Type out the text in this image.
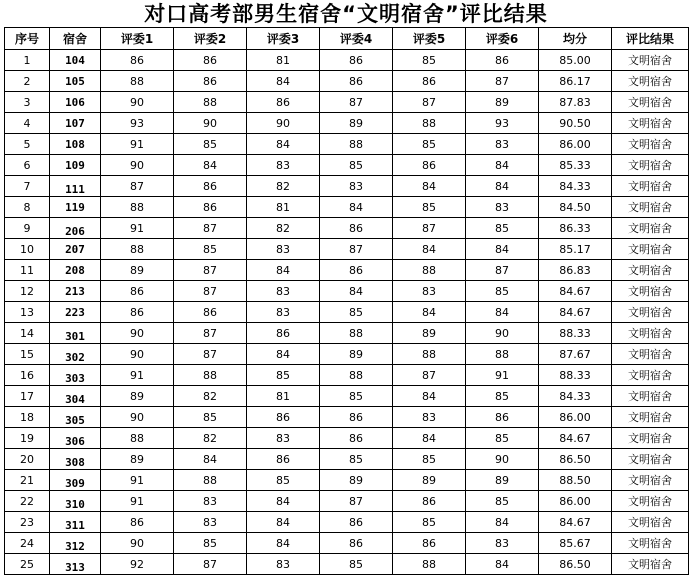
对口高考部男生宿舍“文明宿舍”评比结果
序号	宿舍	评委1	评委2	评委3	评委4	评委5	评委6	均分	评比结果
1	104	86	86	81	86	85	86	85.00	文明宿舍
2	105	88	86	84	86	86	87	86.17	文明宿舍
3	106	90	88	86	87	87	89	87.83	文明宿舍
4	107	93	90	90	89	88	93	90.50	文明宿舍
5	108	91	85	84	88	85	83	86.00	文明宿舍
6	109	90	84	83	85	86	84	85.33	文明宿舍
7	111	87	86	82	83	84	84	84.33	文明宿舍
8	119	88	86	81	84	85	83	84.50	文明宿舍
9	206	91	87	82	86	87	85	86.33	文明宿舍
10	207	88	85	83	87	84	84	85.17	文明宿舍
11	208	89	87	84	86	88	87	86.83	文明宿舍
12	213	86	87	83	84	83	85	84.67	文明宿舍
13	223	86	86	83	85	84	84	84.67	文明宿舍
14	301	90	87	86	88	89	90	88.33	文明宿舍
15	302	90	87	84	89	88	88	87.67	文明宿舍
16	303	91	88	85	88	87	91	88.33	文明宿舍
17	304	89	82	81	85	84	85	84.33	文明宿舍
18	305	90	85	86	86	83	86	86.00	文明宿舍
19	306	88	82	83	86	84	85	84.67	文明宿舍
20	308	89	84	86	85	85	90	86.50	文明宿舍
21	309	91	88	85	89	89	89	88.50	文明宿舍
22	310	91	83	84	87	86	85	86.00	文明宿舍
23	311	86	83	84	86	85	84	84.67	文明宿舍
24	312	90	85	84	86	86	83	85.67	文明宿舍
25	313	92	87	83	85	88	84	86.50	文明宿舍
